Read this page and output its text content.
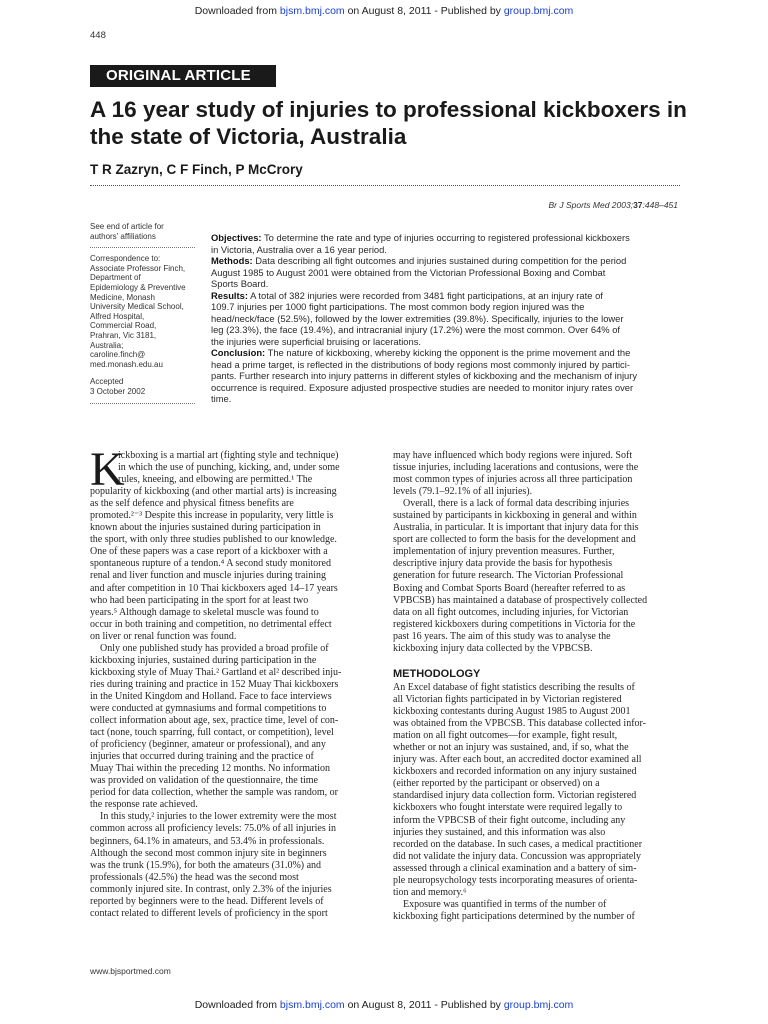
Downloaded from bjsm.bmj.com on August 8, 2011 - Published by group.bmj.com
448
ORIGINAL ARTICLE
A 16 year study of injuries to professional kickboxers in
the state of Victoria, Australia
T R Zazryn, C F Finch, P McCrory
Br J Sports Med 2003;37:448–451
See end of article for
authors' affiliations
Correspondence to:
Associate Professor Finch,
Department of
Epidemiology & Preventive
Medicine, Monash
University Medical School,
Alfred Hospital,
Commercial Road,
Prahran, Vic 3181,
Australia;
caroline.finch@
med.monash.edu.au
Accepted
3 October 2002
Objectives: To determine the rate and type of injuries occurring to registered professional kickboxers
in Victoria, Australia over a 16 year period.
Methods: Data describing all fight outcomes and injuries sustained during competition for the period
August 1985 to August 2001 were obtained from the Victorian Professional Boxing and Combat
Sports Board.
Results: A total of 382 injuries were recorded from 3481 fight participations, at an injury rate of
109.7 injuries per 1000 fight participations. The most common body region injured was the
head/neck/face (52.5%), followed by the lower extremities (39.8%). Specifically, injuries to the lower
leg (23.3%), the face (19.4%), and intracranial injury (17.2%) were the most common. Over 64% of
the injuries were superficial bruising or lacerations.
Conclusion: The nature of kickboxing, whereby kicking the opponent is the prime movement and the
head a prime target, is reflected in the distributions of body regions most commonly injured by partici-
pants. Further research into injury patterns in different styles of kickboxing and the mechanism of injury
occurrence is required. Exposure adjusted prospective studies are needed to monitor injury rates over
time.
K
ickboxing is a martial art (fighting style and technique)
in which the use of punching, kicking, and, under some
rules, kneeing, and elbowing are permitted.¹ The
popularity of kickboxing (and other martial arts) is increasing
as the self defence and physical fitness benefits are
promoted.²⁻³ Despite this increase in popularity, very little is
known about the injuries sustained during participation in
the sport, with only three studies published to our knowledge.
One of these papers was a case report of a kickboxer with a
spontaneous rupture of a tendon.⁴ A second study monitored
renal and liver function and muscle injuries during training
and after competition in 10 Thai kickboxers aged 14–17 years
who had been participating in the sport for at least two
years.⁵ Although damage to skeletal muscle was found to
occur in both training and competition, no detrimental effect
on liver or renal function was found.
Only one published study has provided a broad profile of
kickboxing injuries, sustained during participation in the
kickboxing style of Muay Thai.² Gartland et al² described inju-
ries during training and practice in 152 Muay Thai kickboxers
in the United Kingdom and Holland. Face to face interviews
were conducted at gymnasiums and formal competitions to
collect information about age, sex, practice time, level of con-
tact (none, touch sparring, full contact, or competition), level
of proficiency (beginner, amateur or professional), and any
injuries that occurred during training and the practice of
Muay Thai within the preceding 12 months. No information
was provided on validation of the questionnaire, the time
period for data collection, whether the sample was random, or
the response rate achieved.
In this study,² injuries to the lower extremity were the most
common across all proficiency levels: 75.0% of all injuries in
beginners, 64.1% in amateurs, and 53.4% in professionals.
Although the second most common injury site in beginners
was the trunk (15.9%), for both the amateurs (31.0%) and
professionals (42.5%) the head was the second most
commonly injured site. In contrast, only 2.3% of the injuries
reported by beginners were to the head. Different levels of
contact related to different levels of proficiency in the sport
may have influenced which body regions were injured. Soft
tissue injuries, including lacerations and contusions, were the
most common types of injuries across all three participation
levels (79.1–92.1% of all injuries).
Overall, there is a lack of formal data describing injuries
sustained by participants in kickboxing in general and within
Australia, in particular. It is important that injury data for this
sport are collected to form the basis for the development and
implementation of injury prevention measures. Further,
descriptive injury data provide the basis for hypothesis
generation for future research. The Victorian Professional
Boxing and Combat Sports Board (hereafter referred to as
VPBCSB) has maintained a database of prospectively collected
data on all fight outcomes, including injuries, for Victorian
registered kickboxers during competitions in Victoria for the
past 16 years. The aim of this study was to analyse the
kickboxing injury data collected by the VPBCSB.
METHODOLOGY
An Excel database of fight statistics describing the results of
all Victorian fights participated in by Victorian registered
kickboxing contestants during August 1985 to August 2001
was obtained from the VPBCSB. This database collected infor-
mation on all fight outcomes—for example, fight result,
whether or not an injury was sustained, and, if so, what the
injury was. After each bout, an accredited doctor examined all
kickboxers and recorded information on any injury sustained
(either reported by the participant or observed) on a
standardised injury data collection form. Victorian registered
kickboxers who fought interstate were required legally to
inform the VPBCSB of their fight outcome, including any
injuries they sustained, and this information was also
recorded on the database. In such cases, a medical practitioner
did not validate the injury data. Concussion was appropriately
assessed through a clinical examination and a battery of sim-
ple neuropsychology tests incorporating measures of orienta-
tion and memory.⁶
Exposure was quantified in terms of the number of
kickboxing fight participations determined by the number of
www.bjsportmed.com
Downloaded from bjsm.bmj.com on August 8, 2011 - Published by group.bmj.com
